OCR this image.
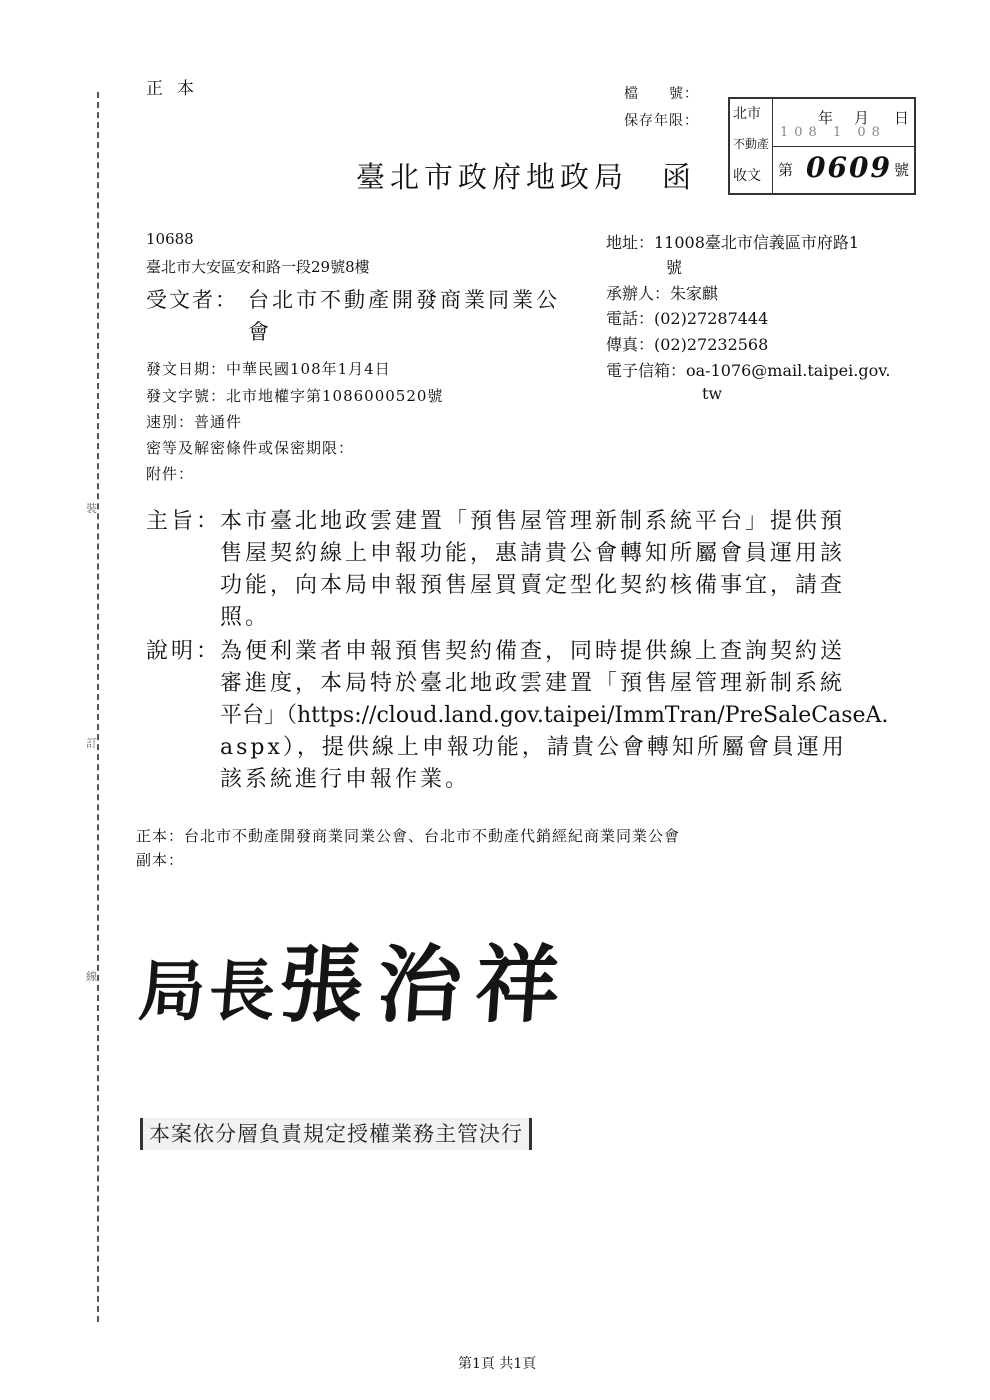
裝
訂
線
正本	檔　　號：
保存年限：
臺北市政府地政局 函
北市
不動產
收文
年 月 日
108 1 08
第 0609 號
10688
臺北市大安區安和路一段29號8樓
受文者： 台北市不動產開發商業同業公
會
地址：11008臺北市信義區市府路1
號
承辦人：朱家麒
電話：(02)27287444
傳真：(02)27232568
電子信箱：oa-1076@mail.taipei.gov.
tw
發文日期：中華民國108年1月4日
發文字號：北市地權字第1086000520號
速別：普通件
密等及解密條件或保密期限：
附件：
主旨：
本市臺北地政雲建置「預售屋管理新制系統平台」提供預
售屋契約線上申報功能，惠請貴公會轉知所屬會員運用該
功能，向本局申報預售屋買賣定型化契約核備事宜，請查
照。
說明：
為便利業者申報預售契約備查，同時提供線上查詢契約送
審進度，本局特於臺北地政雲建置「預售屋管理新制系統
平台」（https://cloud.land.gov.taipei/ImmTran/PreSaleCaseA.
aspx），提供線上申報功能，請貴公會轉知所屬會員運用
該系統進行申報作業。
正本：台北市不動產開發商業同業公會、台北市不動產代銷經紀商業同業公會
副本：
局長張治祥
本案依分層負責規定授權業務主管決行
第1頁 共1頁
